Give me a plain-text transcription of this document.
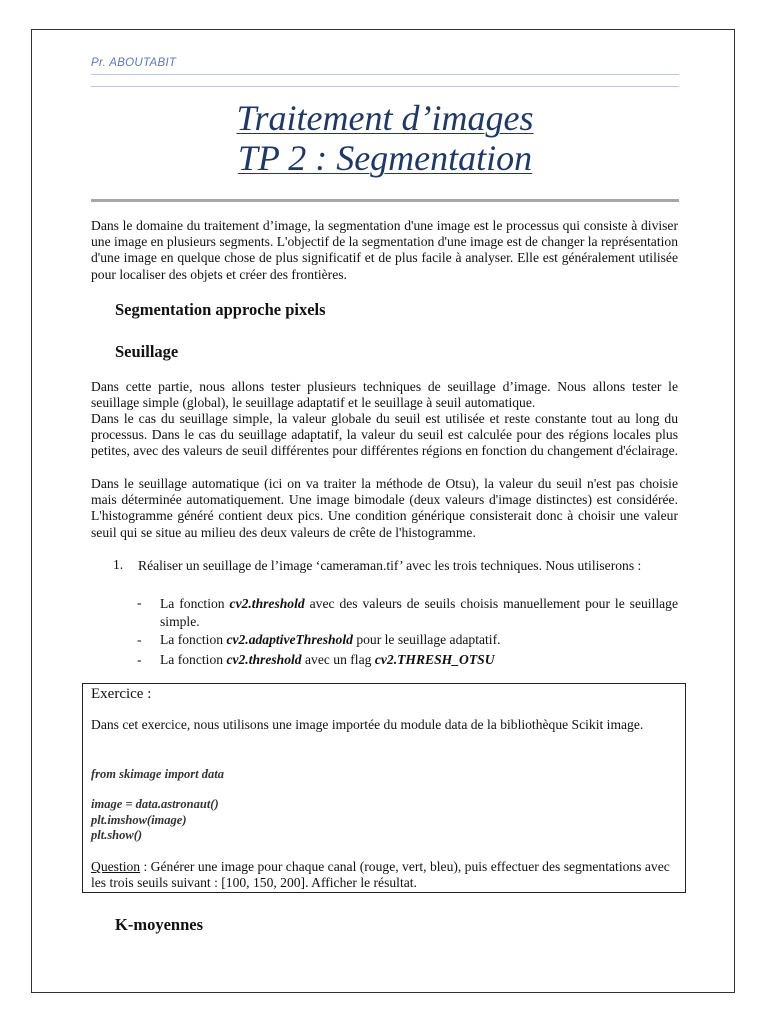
Pr. ABOUTABIT
Traitement d’images
TP 2 : Segmentation
Dans le domaine du traitement d’image, la segmentation d'une image est le processus qui consiste à diviser une image en plusieurs segments. L'objectif de la segmentation d'une image est de changer la représentation d'une image en quelque chose de plus significatif et de plus facile à analyser. Elle est généralement utilisée pour localiser des objets et créer des frontières.
Segmentation approche pixels
Seuillage
Dans cette partie, nous allons tester plusieurs techniques de seuillage d’image. Nous allons tester le seuillage simple (global), le seuillage adaptatif et le seuillage à seuil automatique.
Dans le cas du seuillage simple, la valeur globale du seuil est utilisée et reste constante tout au long du processus. Dans le cas du seuillage adaptatif, la valeur du seuil est calculée pour des régions locales plus petites, avec des valeurs de seuil différentes pour différentes régions en fonction du changement d'éclairage.
Dans le seuillage automatique (ici on va traiter la méthode de Otsu), la valeur du seuil n'est pas choisie mais déterminée automatiquement. Une image bimodale (deux valeurs d'image distinctes) est considérée. L'histogramme généré contient deux pics. Une condition générique consisterait donc à choisir une valeur seuil qui se situe au milieu des deux valeurs de crête de l'histogramme.
1. Réaliser un seuillage de l’image ‘cameraman.tif’ avec les trois techniques. Nous utiliserons :
- La fonction cv2.threshold avec des valeurs de seuils choisis manuellement pour le seuillage simple.
- La fonction cv2.adaptiveThreshold pour le seuillage adaptatif.
- La fonction cv2.threshold avec un flag cv2.THRESH_OTSU
Exercice :
Dans cet exercice, nous utilisons une image importée du module data de la bibliothèque Scikit image.
from skimage import data
image = data.astronaut()
plt.imshow(image)
plt.show()
Question : Générer une image pour chaque canal (rouge, vert, bleu), puis effectuer des segmentations avec les trois seuils suivant : [100, 150, 200]. Afficher le résultat.
K-moyennes
